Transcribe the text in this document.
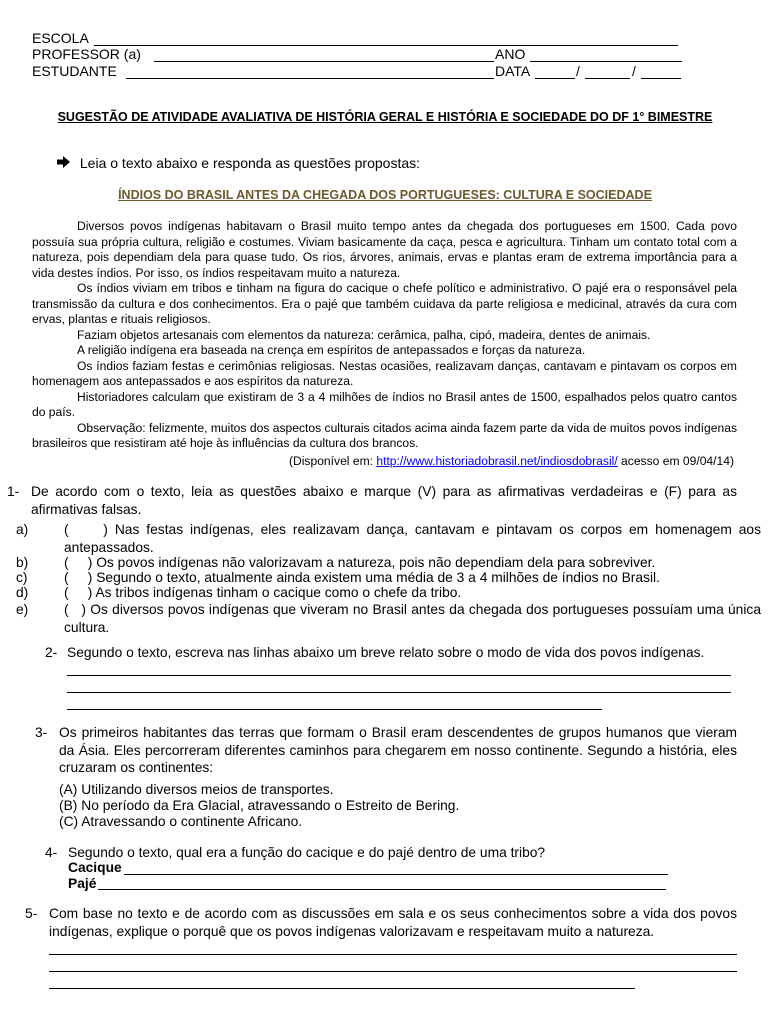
ESCOLA
PROFESSOR (a)	ANO
ESTUDANTE	DATA	/	/
SUGESTÃO DE ATIVIDADE AVALIATIVA DE HISTÓRIA GERAL E HISTÓRIA E SOCIEDADE DO DF 1° BIMESTRE
Leia o texto abaixo e responda as questões propostas:
ÍNDIOS DO BRASIL ANTES DA CHEGADA DOS PORTUGUESES: CULTURA E SOCIEDADE

Diversos povos indígenas habitavam o Brasil muito tempo antes da chegada dos portugueses em 1500. Cada povo possuía sua própria cultura, religião e costumes. Viviam basicamente da caça, pesca e agricultura. Tinham um contato total com a natureza, pois dependiam dela para quase tudo. Os rios, árvores, animais, ervas e plantas eram de extrema importância para a vida destes índios. Por isso, os índios respeitavam muito a natureza.

Os índios viviam em tribos e tinham na figura do cacique o chefe político e administrativo. O pajé era o responsável pela transmissão da cultura e dos conhecimentos. Era o pajé que também cuidava da parte religiosa e medicinal, através da cura com ervas, plantas e rituais religiosos.

Faziam objetos artesanais com elementos da natureza: cerâmica, palha, cipó, madeira, dentes de animais.

A religião indígena era baseada na crença em espíritos de antepassados e forças da natureza.

Os índios faziam festas e cerimônias religiosas. Nestas ocasiões, realizavam danças, cantavam e pintavam os corpos em homenagem aos antepassados e aos espíritos da natureza.

Historiadores calculam que existiram de 3 a 4 milhões de índios no Brasil antes de 1500, espalhados pelos quatro cantos do país.

Observação: felizmente, muitos dos aspectos culturais citados acima ainda fazem parte da vida de muitos povos indígenas brasileiros que resistiram até hoje às influências da cultura dos brancos.

(Disponível em: http://www.historiadobrasil.net/indiosdobrasil/ acesso em 09/04/14)
1- De acordo com o texto, leia as questões abaixo e marque (V) para as afirmativas verdadeiras e (F) para as afirmativas falsas.
a)	(     ) Nas festas indígenas, eles realizavam dança, cantavam e pintavam os corpos em homenagem aos antepassados.
b)	(     ) Os povos indígenas não valorizavam a natureza, pois não dependiam dela para sobreviver.
c)	(     ) Segundo o texto, atualmente ainda existem uma média de 3 a 4 milhões de índios no Brasil.
d)	(     ) As tribos indígenas tinham o cacique como o chefe da tribo.
e)	(   ) Os diversos povos indígenas que viveram no Brasil antes da chegada dos portugueses possuíam uma única cultura.
2- Segundo o texto, escreva nas linhas abaixo um breve relato sobre o modo de vida dos povos indígenas.
3- Os primeiros habitantes das terras que formam o Brasil eram descendentes de grupos humanos que vieram da Ásia. Eles percorreram diferentes caminhos para chegarem em nosso continente. Segundo a história, eles cruzaram os continentes:
(A) Utilizando diversos meios de transportes.
(B) No período da Era Glacial, atravessando o Estreito de Bering.
(C) Atravessando o continente Africano.
4- Segundo o texto, qual era a função do cacique e do pajé dentro de uma tribo?
Cacique
Pajé
5- Com base no texto e de acordo com as discussões em sala e os seus conhecimentos sobre a vida dos povos indígenas, explique o porquê que os povos indígenas valorizavam e respeitavam muito a natureza.
